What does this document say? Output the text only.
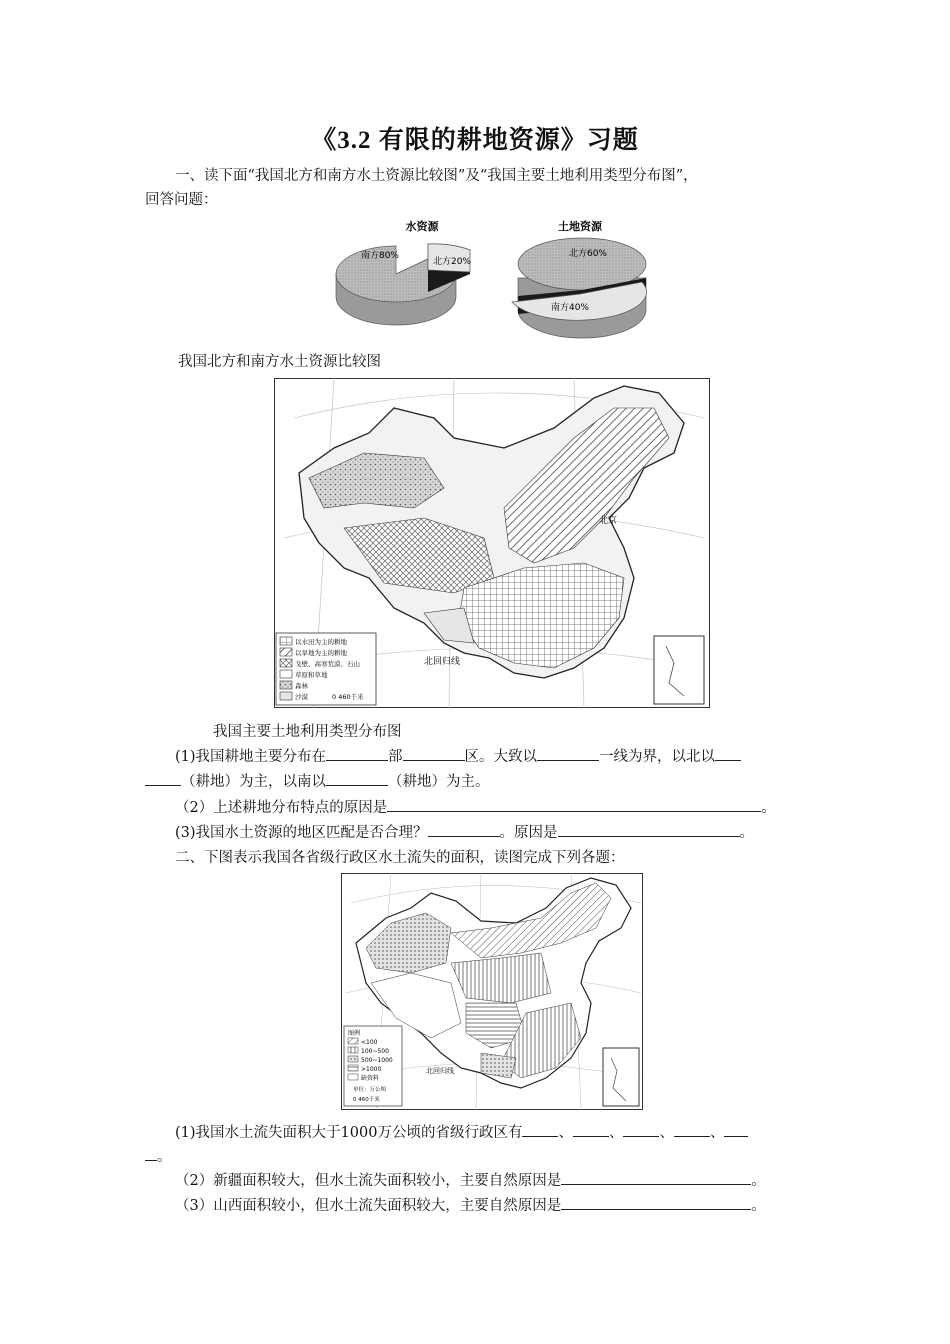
《3.2 有限的耕地资源》习题
一、读下面“我国北方和南方水土资源比较图”及“我国主要土地利用类型分布图”，
回答问题：
水资源
南方80%
北方20%
土地资源
北方60%
南方40%
我国北方和南方水土资源比较图
北京
北回归线
以水田为主的耕地
以旱地为主的耕地
戈壁、高寒荒漠、石山
草原和草地
森林
沙漠	0 460千米
我国主要土地利用类型分布图
(1)我国耕地主要分布在	部	区。大致以	一线为界，以北以
（耕地）为主，以南以	（耕地）为主。
（2）上述耕地分布特点的原因是	。
(3)我国水土资源的地区匹配是否合理？	。原因是	。
二、下图表示我国各省级行政区水土流失的面积，读图完成下列各题：
北回归线
图例
<100
100~500
500~1000
>1000
缺资料
单位：万公顷
0 460千米
(1)我国水土流失面积大于1000万公顷的省级行政区有 、 、 、 、
。
（2）新疆面积较大，但水土流失面积较小，主要自然原因是	。
（3）山西面积较小，但水土流失面积较大，主要自然原因是	。
